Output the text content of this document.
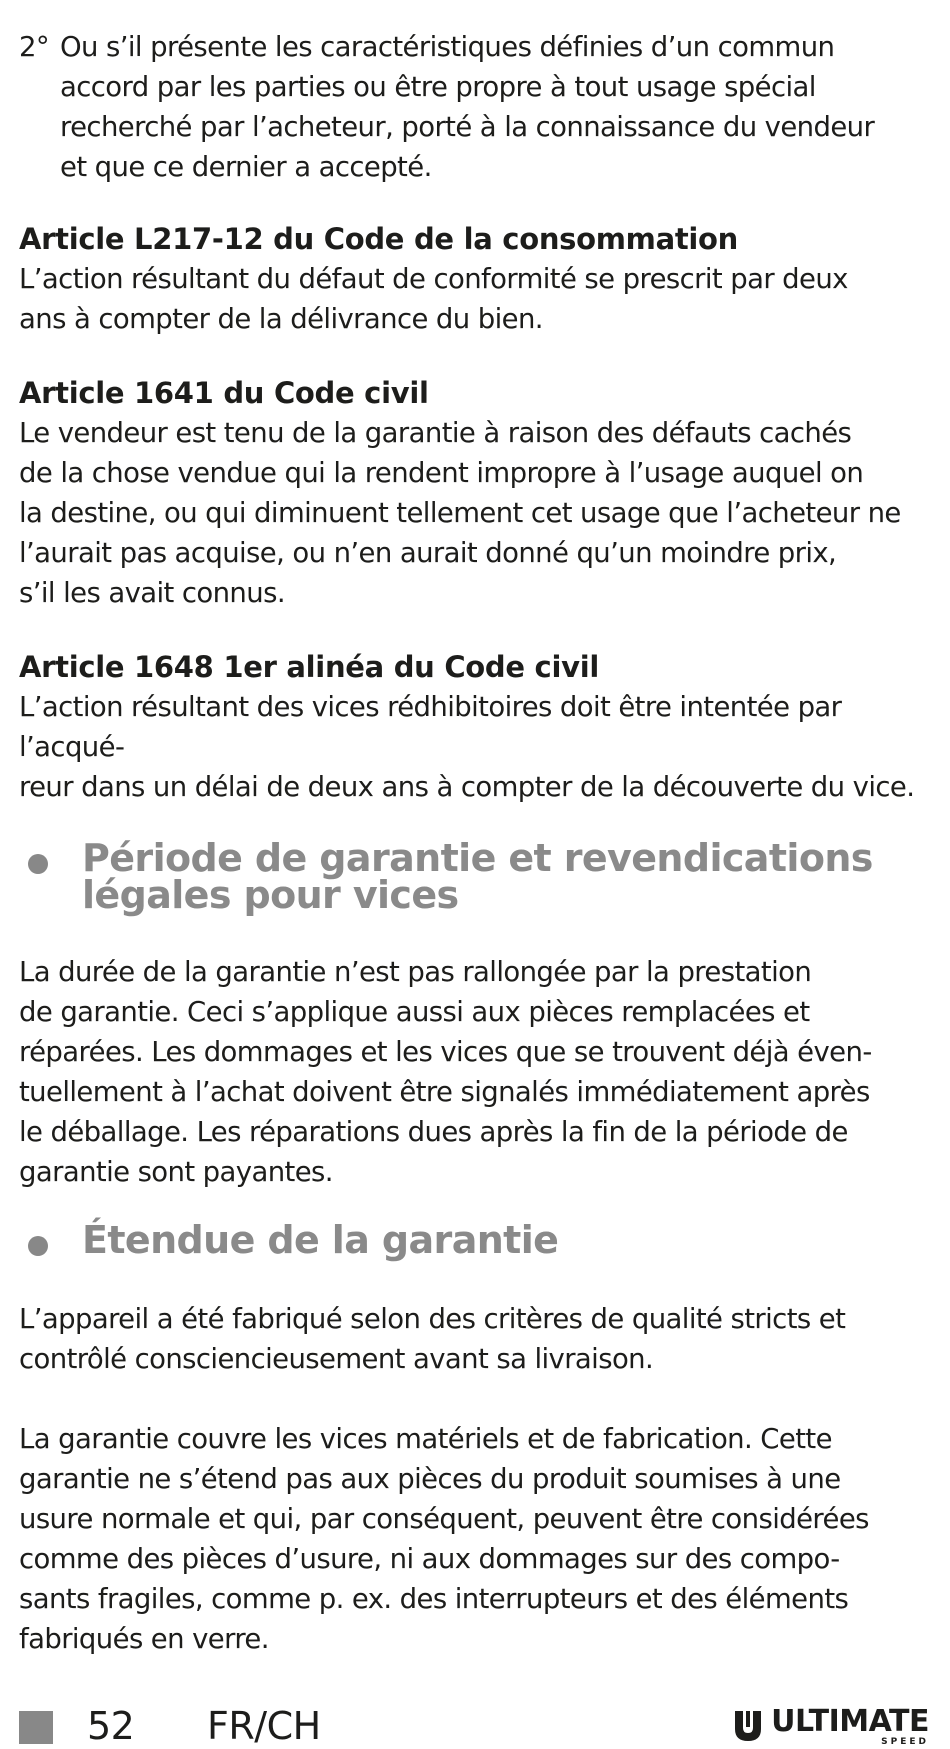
2° Ou s’il présente les caractéristiques définies d’un commun

accord par les parties ou être propre à tout usage spécial

recherché par l’acheteur, porté à la connaissance du vendeur

et que ce dernier a accepté.

Article L217-12 du Code de la consommation

L’action résultant du défaut de conformité se prescrit par deux

ans à compter de la délivrance du bien.

Article 1641 du Code civil

Le vendeur est tenu de la garantie à raison des défauts cachés

de la chose vendue qui la rendent impropre à l’usage auquel on

la destine, ou qui diminuent tellement cet usage que l’acheteur ne

l’aurait pas acquise, ou n’en aurait donné qu’un moindre prix,

s’il les avait connus.

Article 1648 1er alinéa du Code civil

L’action résultant des vices rédhibitoires doit être intentée par l’acqué-

reur dans un délai de deux ans à compter de la découverte du vice.

Période de garantie et revendications
légales pour vices

La durée de la garantie n’est pas rallongée par la prestation

de garantie. Ceci s’applique aussi aux pièces remplacées et

réparées. Les dommages et les vices que se trouvent déjà éven-

tuellement à l’achat doivent être signalés immédiatement après

le déballage. Les réparations dues après la fin de la période de

garantie sont payantes.

Étendue de la garantie

L’appareil a été fabriqué selon des critères de qualité stricts et

contrôlé consciencieusement avant sa livraison.

La garantie couvre les vices matériels et de fabrication. Cette

garantie ne s’étend pas aux pièces du produit soumises à une

usure normale et qui, par conséquent, peuvent être considérées

comme des pièces d’usure, ni aux dommages sur des compo-

sants fragiles, comme p. ex. des interrupteurs et des éléments

fabriqués en verre.

52 FR/CH	ULTIMATE
SPEED
